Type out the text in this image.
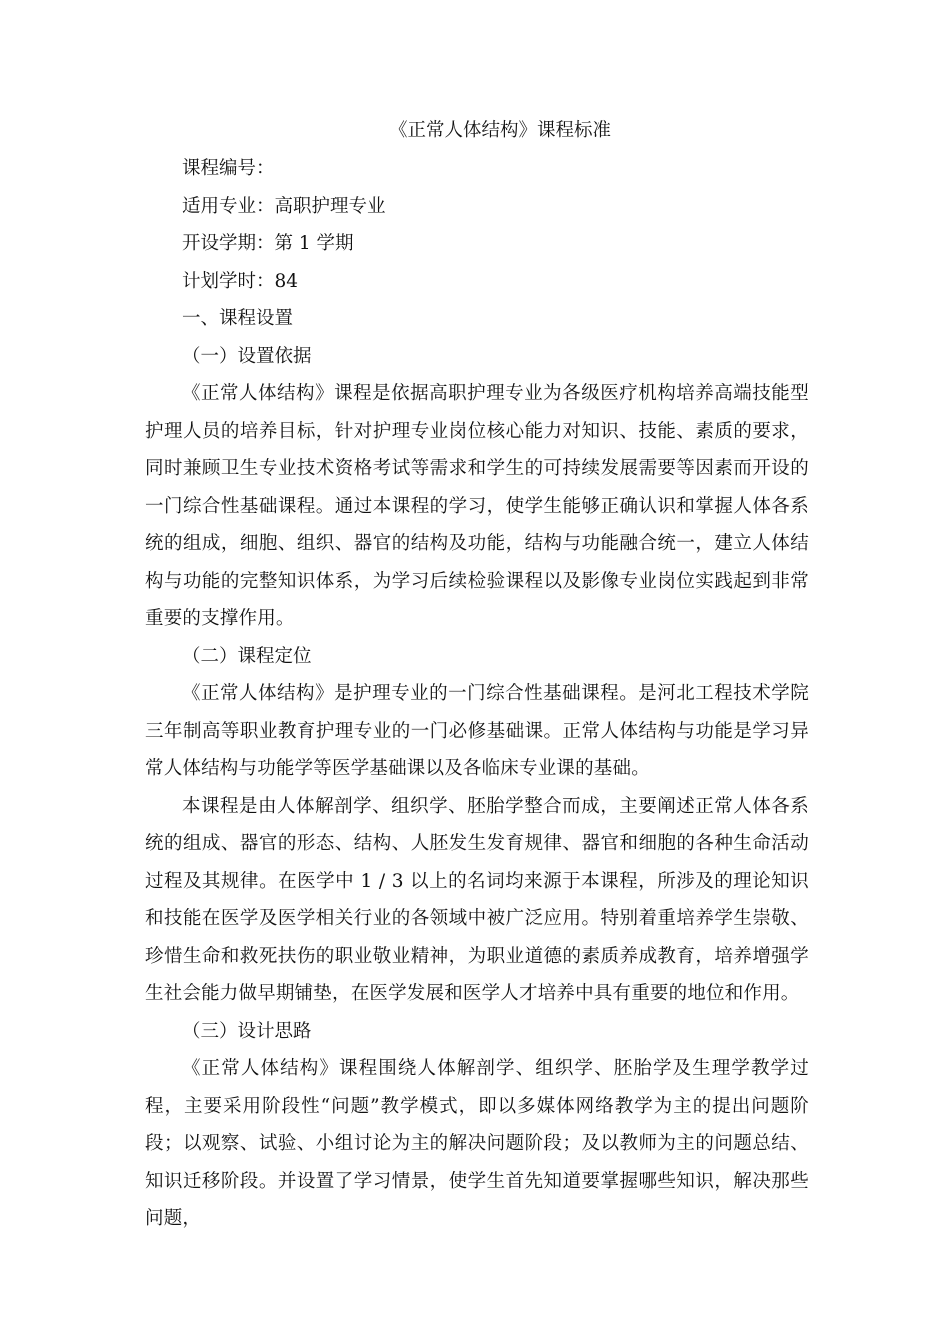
《正常人体结构》课程标准
课程编号：
适用专业：高职护理专业
开设学期：第 1 学期
计划学时：84
一、课程设置
（一）设置依据
《正常人体结构》课程是依据高职护理专业为各级医疗机构培养高端技能型护理人员的培养目标，针对护理专业岗位核心能力对知识、技能、素质的要求，同时兼顾卫生专业技术资格考试等需求和学生的可持续发展需要等因素而开设的一门综合性基础课程。通过本课程的学习，使学生能够正确认识和掌握人体各系统的组成，细胞、组织、器官的结构及功能，结构与功能融合统一，建立人体结构与功能的完整知识体系，为学习后续检验课程以及影像专业岗位实践起到非常重要的支撑作用。
（二）课程定位
《正常人体结构》是护理专业的一门综合性基础课程。是河北工程技术学院三年制高等职业教育护理专业的一门必修基础课。正常人体结构与功能是学习异常人体结构与功能学等医学基础课以及各临床专业课的基础。
本课程是由人体解剖学、组织学、胚胎学整合而成，主要阐述正常人体各系统的组成、器官的形态、结构、人胚发生发育规律、器官和细胞的各种生命活动过程及其规律。在医学中 1 / 3 以上的名词均来源于本课程，所涉及的理论知识和技能在医学及医学相关行业的各领域中被广泛应用。特别着重培养学生崇敬、珍惜生命和救死扶伤的职业敬业精神，为职业道德的素质养成教育，培养增强学生社会能力做早期铺垫，在医学发展和医学人才培养中具有重要的地位和作用。
（三）设计思路
《正常人体结构》课程围绕人体解剖学、组织学、胚胎学及生理学教学过程，主要采用阶段性“问题”教学模式，即以多媒体网络教学为主的提出问题阶段；以观察、试验、小组讨论为主的解决问题阶段；及以教师为主的问题总结、知识迁移阶段。并设置了学习情景，使学生首先知道要掌握哪些知识，解决那些问题，
